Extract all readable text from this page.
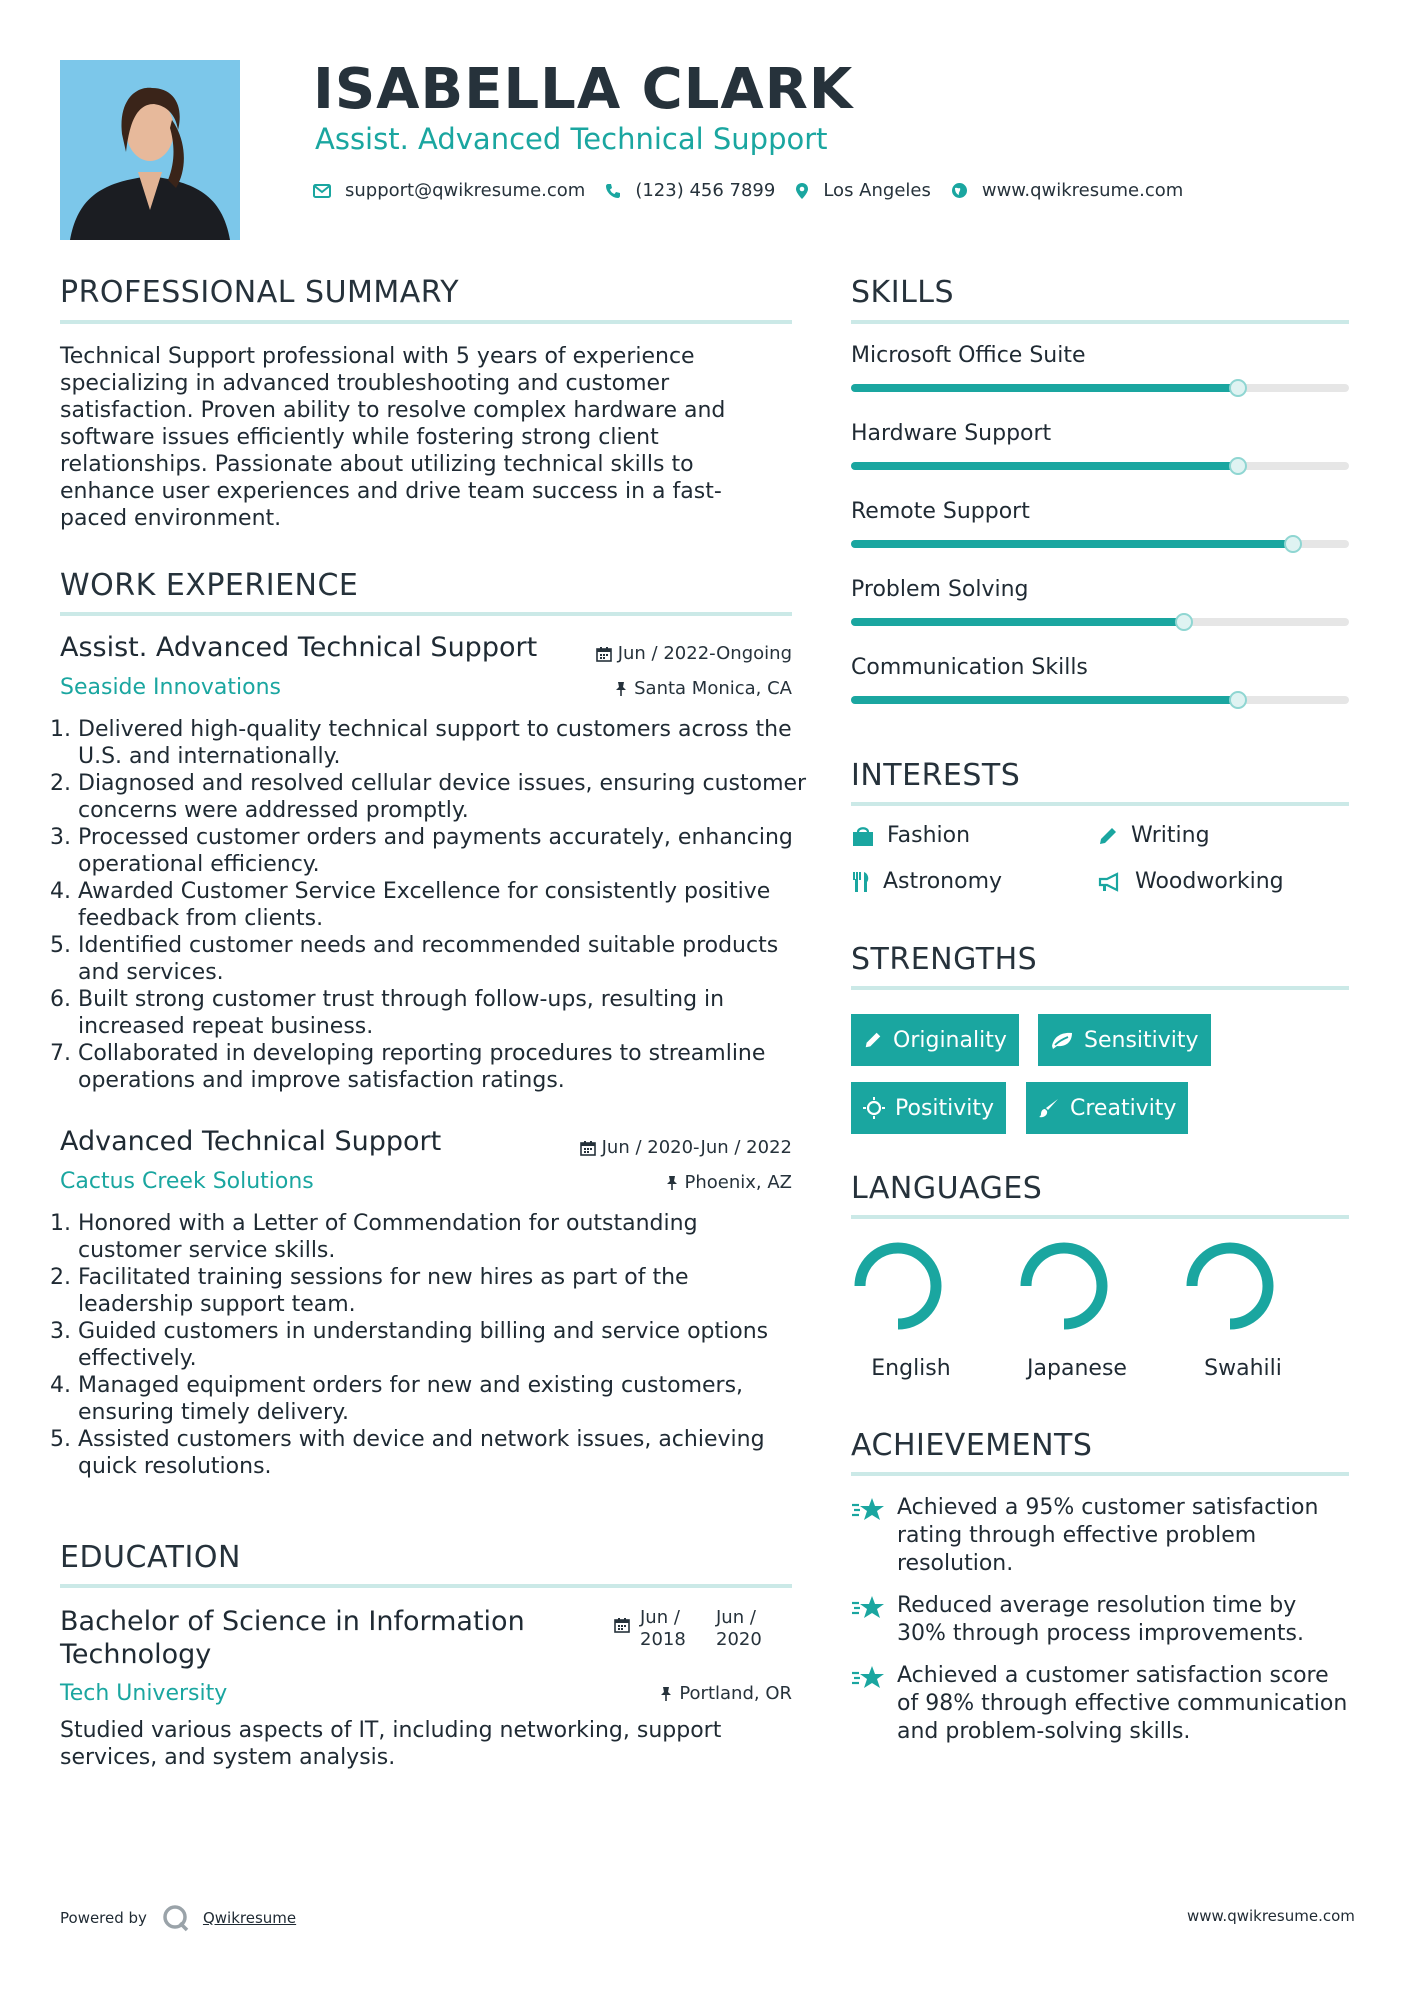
ISABELLA CLARK
Assist. Advanced Technical Support
support@qwikresume.com	(123) 456 7899	Los Angeles	www.qwikresume.com
PROFESSIONAL SUMMARY
Technical Support professional with 5 years of experience specializing in advanced troubleshooting and customer satisfaction. Proven ability to resolve complex hardware and software issues efficiently while fostering strong client relationships. Passionate about utilizing technical skills to enhance user experiences and drive team success in a fast-paced environment.
WORK EXPERIENCE
Assist. Advanced Technical Support	Jun / 2022-Ongoing
Seaside Innovations	Santa Monica, CA
1. Delivered high-quality technical support to customers across the U.S. and internationally.
2. Diagnosed and resolved cellular device issues, ensuring customer concerns were addressed promptly.
3. Processed customer orders and payments accurately, enhancing operational efficiency.
4. Awarded Customer Service Excellence for consistently positive feedback from clients.
5. Identified customer needs and recommended suitable products and services.
6. Built strong customer trust through follow-ups, resulting in increased repeat business.
7. Collaborated in developing reporting procedures to streamline operations and improve satisfaction ratings.
Advanced Technical Support	Jun / 2020-Jun / 2022
Cactus Creek Solutions	Phoenix, AZ
1. Honored with a Letter of Commendation for outstanding customer service skills.
2. Facilitated training sessions for new hires as part of the leadership support team.
3. Guided customers in understanding billing and service options effectively.
4. Managed equipment orders for new and existing customers, ensuring timely delivery.
5. Assisted customers with device and network issues, achieving quick resolutions.
EDUCATION
Bachelor of Science in Information
Technology
Jun /
2018
Jun /
2020
Tech University	Portland, OR
Studied various aspects of IT, including networking, support services, and system analysis.
SKILLS
Microsoft Office Suite
Hardware Support
Remote Support
Problem Solving
Communication Skills
INTERESTS
Fashion	Writing
Astronomy	Woodworking
STRENGTHS
Originality	Sensitivity
Positivity	Creativity
LANGUAGES
English	Japanese	Swahili
ACHIEVEMENTS
Achieved a 95% customer satisfaction rating through effective problem resolution.
Reduced average resolution time by 30% through process improvements.
Achieved a customer satisfaction score of 98% through effective communication and problem-solving skills.
Powered by	Qwikresume	www.qwikresume.com
